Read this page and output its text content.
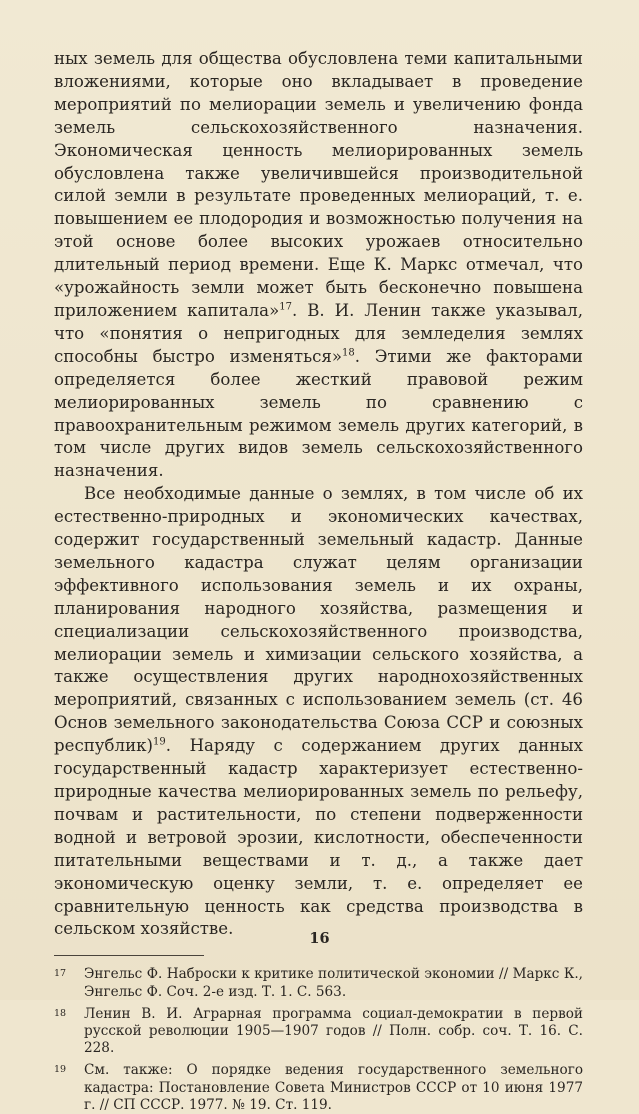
ных земель для общества обусловлена теми капитальными вложениями, которые оно вкладывает в проведение мероприятий по мелиорации земель и увеличению фонда земель сельскохозяйственного назначения. Экономическая ценность мелиорированных земель обусловлена также увеличившейся производительной силой земли в результате проведенных мелиораций, т. е. повышением ее плодородия и возможностью получения на этой основе более высоких урожаев относительно длительный период времени. Еще К. Маркс отмечал, что «урожайность земли может быть бесконечно повышена приложением капитала»$^{17}$. В. И. Ленин также указывал, что «понятия о непригодных для земледелия землях способны быстро изменяться»$^{18}$. Этими же факторами определяется более жесткий правовой режим мелиорированных земель по сравнению с правоохранительным режимом земель других категорий, в том числе других видов земель сельскохозяйственного назначения.

Все необходимые данные о землях, в том числе об их естественно-природных и экономических качествах, содержит государственный земельный кадастр. Данные земельного кадастра служат целям организации эффективного использования земель и их охраны, планирования народного хозяйства, размещения и специализации сельскохозяйственного производства, мелиорации земель и химизации сельского хозяйства, а также осуществления других народнохозяйственных мероприятий, связанных с использованием земель (ст. 46 Основ земельного законодательства Союза ССР и союзных республик)$^{19}$. Наряду с содержанием других данных государственный кадастр характеризует естественно-природные качества мелиорированных земель по рельефу, почвам и растительности, по степени подверженности водной и ветровой эрозии, кислотности, обеспеченности питательными веществами и т. д., а также дает экономическую оценку земли, т. е. определяет ее сравнительную ценность как средства производства в сельском хозяйстве.

17 Энгельс Ф. Наброски к критике политической экономии // Маркс К., Энгельс Ф. Соч. 2-е изд. Т. 1. С. 563.
18 Ленин В. И. Аграрная программа социал-демократии в первой русской революции 1905—1907 годов // Полн. собр. соч. Т. 16. С. 228.
19 См. также: О порядке ведения государственного земельного кадастра: Постановление Совета Министров СССР от 10 июня 1977 г. // СП СССР. 1977. № 19. Ст. 119.
16
